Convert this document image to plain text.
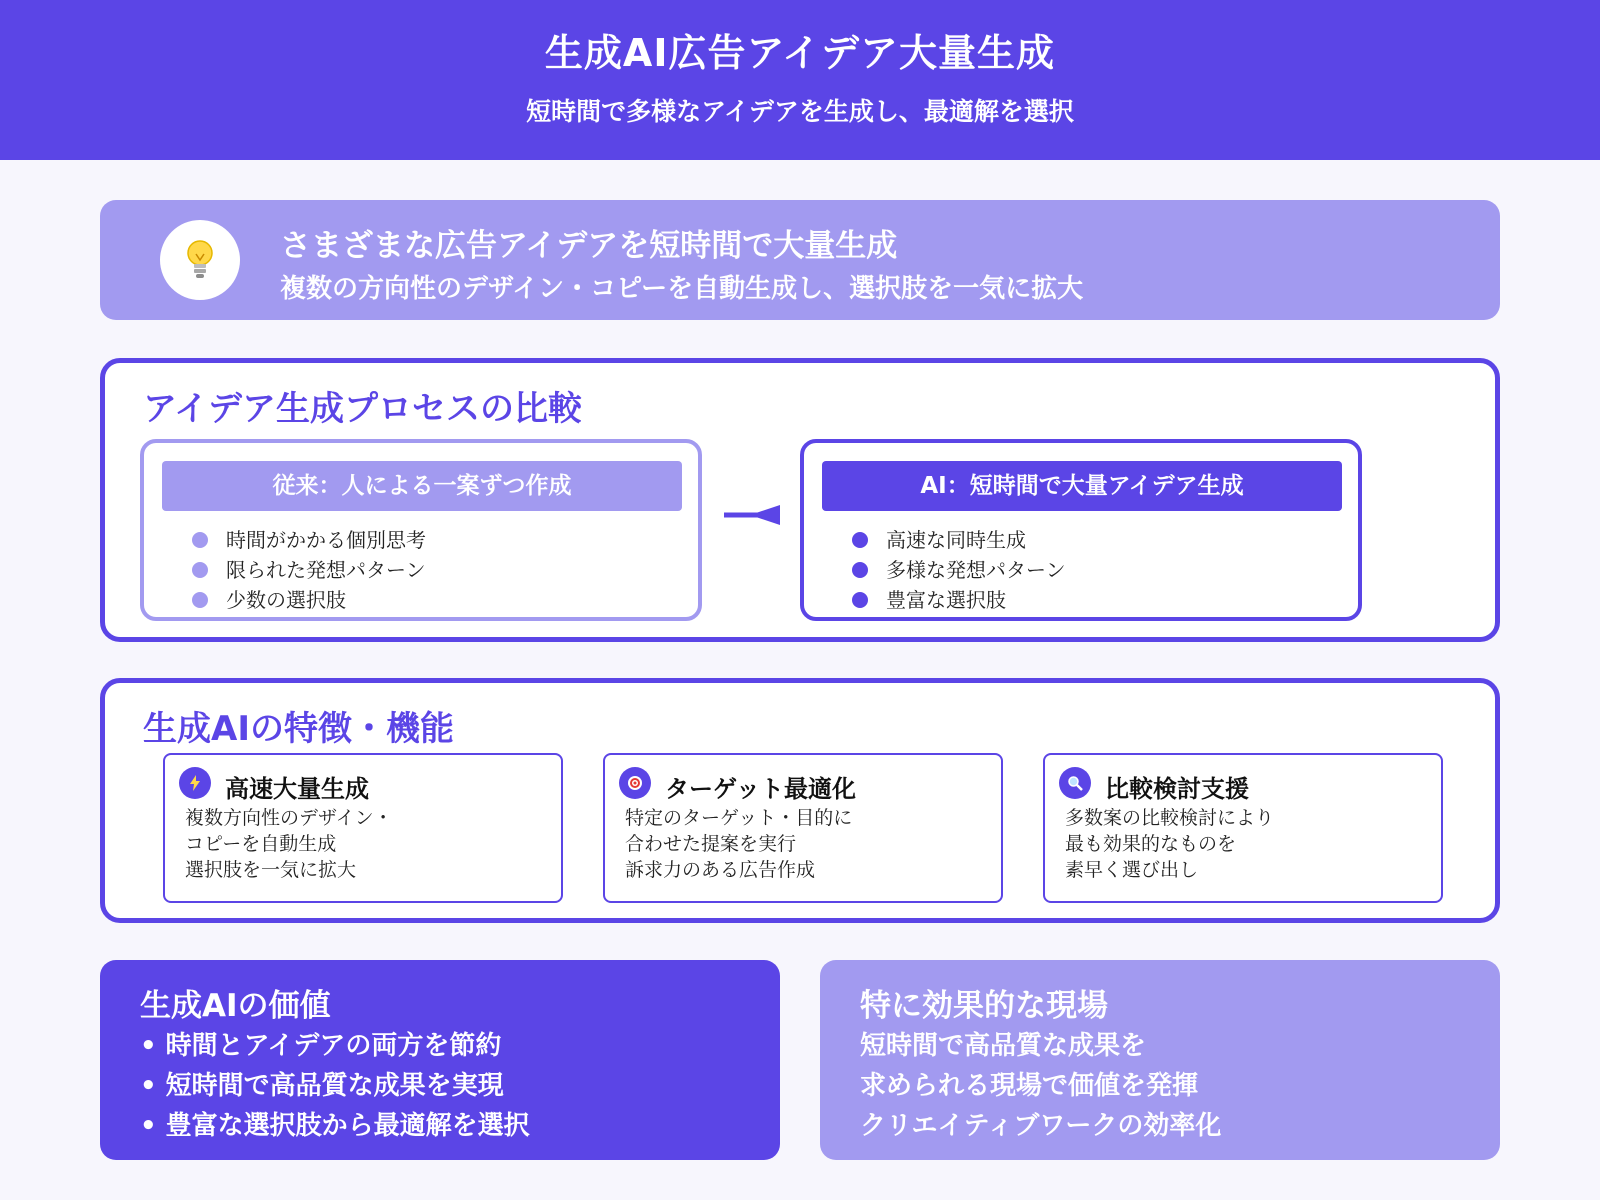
生成AI広告アイデア大量生成
短時間で多様なアイデアを生成し、最適解を選択
さまざまな広告アイデアを短時間で大量生成
複数の方向性のデザイン・コピーを自動生成し、選択肢を一気に拡大
アイデア生成プロセスの比較
従来：人による一案ずつ作成
時間がかかる個別思考
限られた発想パターン
少数の選択肢
AI：短時間で大量アイデア生成
高速な同時生成
多様な発想パターン
豊富な選択肢
生成AIの特徴・機能
高速大量生成
複数方向性のデザイン・
コピーを自動生成
選択肢を一気に拡大
ターゲット最適化
特定のターゲット・目的に
合わせた提案を実行
訴求力のある広告作成
比較検討支援
多数案の比較検討により
最も効果的なものを
素早く選び出し
生成AIの価値
• 時間とアイデアの両方を節約
• 短時間で高品質な成果を実現
• 豊富な選択肢から最適解を選択
特に効果的な現場
短時間で高品質な成果を
求められる現場で価値を発揮
クリエイティブワークの効率化
